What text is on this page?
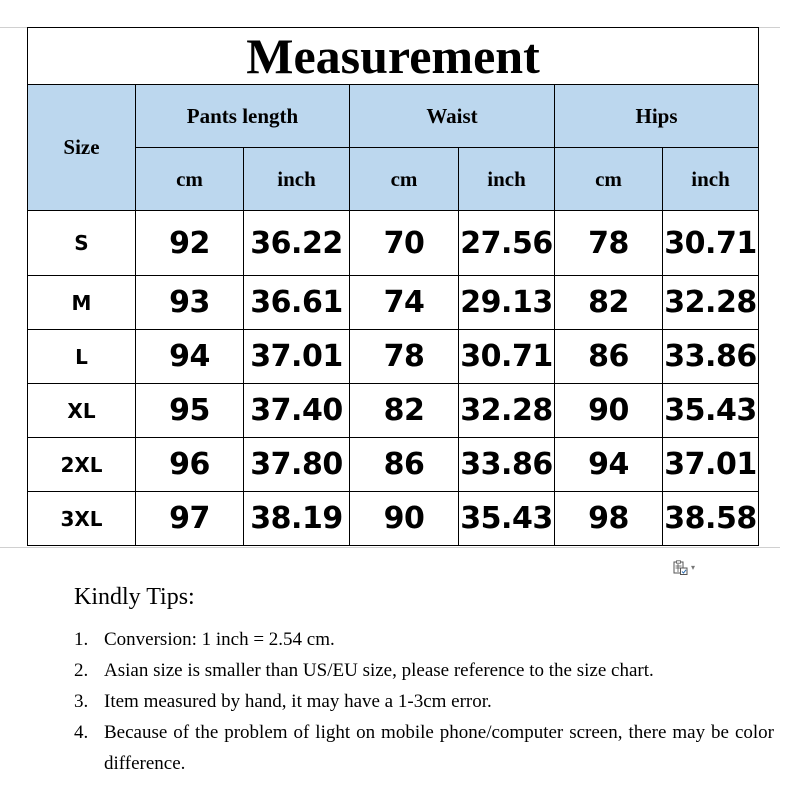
Measurement						
Size	Pants length		Waist		Hips	
	cm	inch	cm	inch	cm	inch
S	92	36.22	70	27.56	78	30.71
M	93	36.61	74	29.13	82	32.28
L	94	37.01	78	30.71	86	33.86
XL	95	37.40	82	32.28	90	35.43
2XL	96	37.80	86	33.86	94	37.01
3XL	97	38.19	90	35.43	98	38.58
▾
Kindly Tips:
1. Conversion: 1 inch = 2.54 cm.
2. Asian size is smaller than US/EU size, please reference to the size chart.
3. Item measured by hand, it may have a 1-3cm error.
4. Because of the problem of light on mobile phone/computer screen, there may be color difference.
